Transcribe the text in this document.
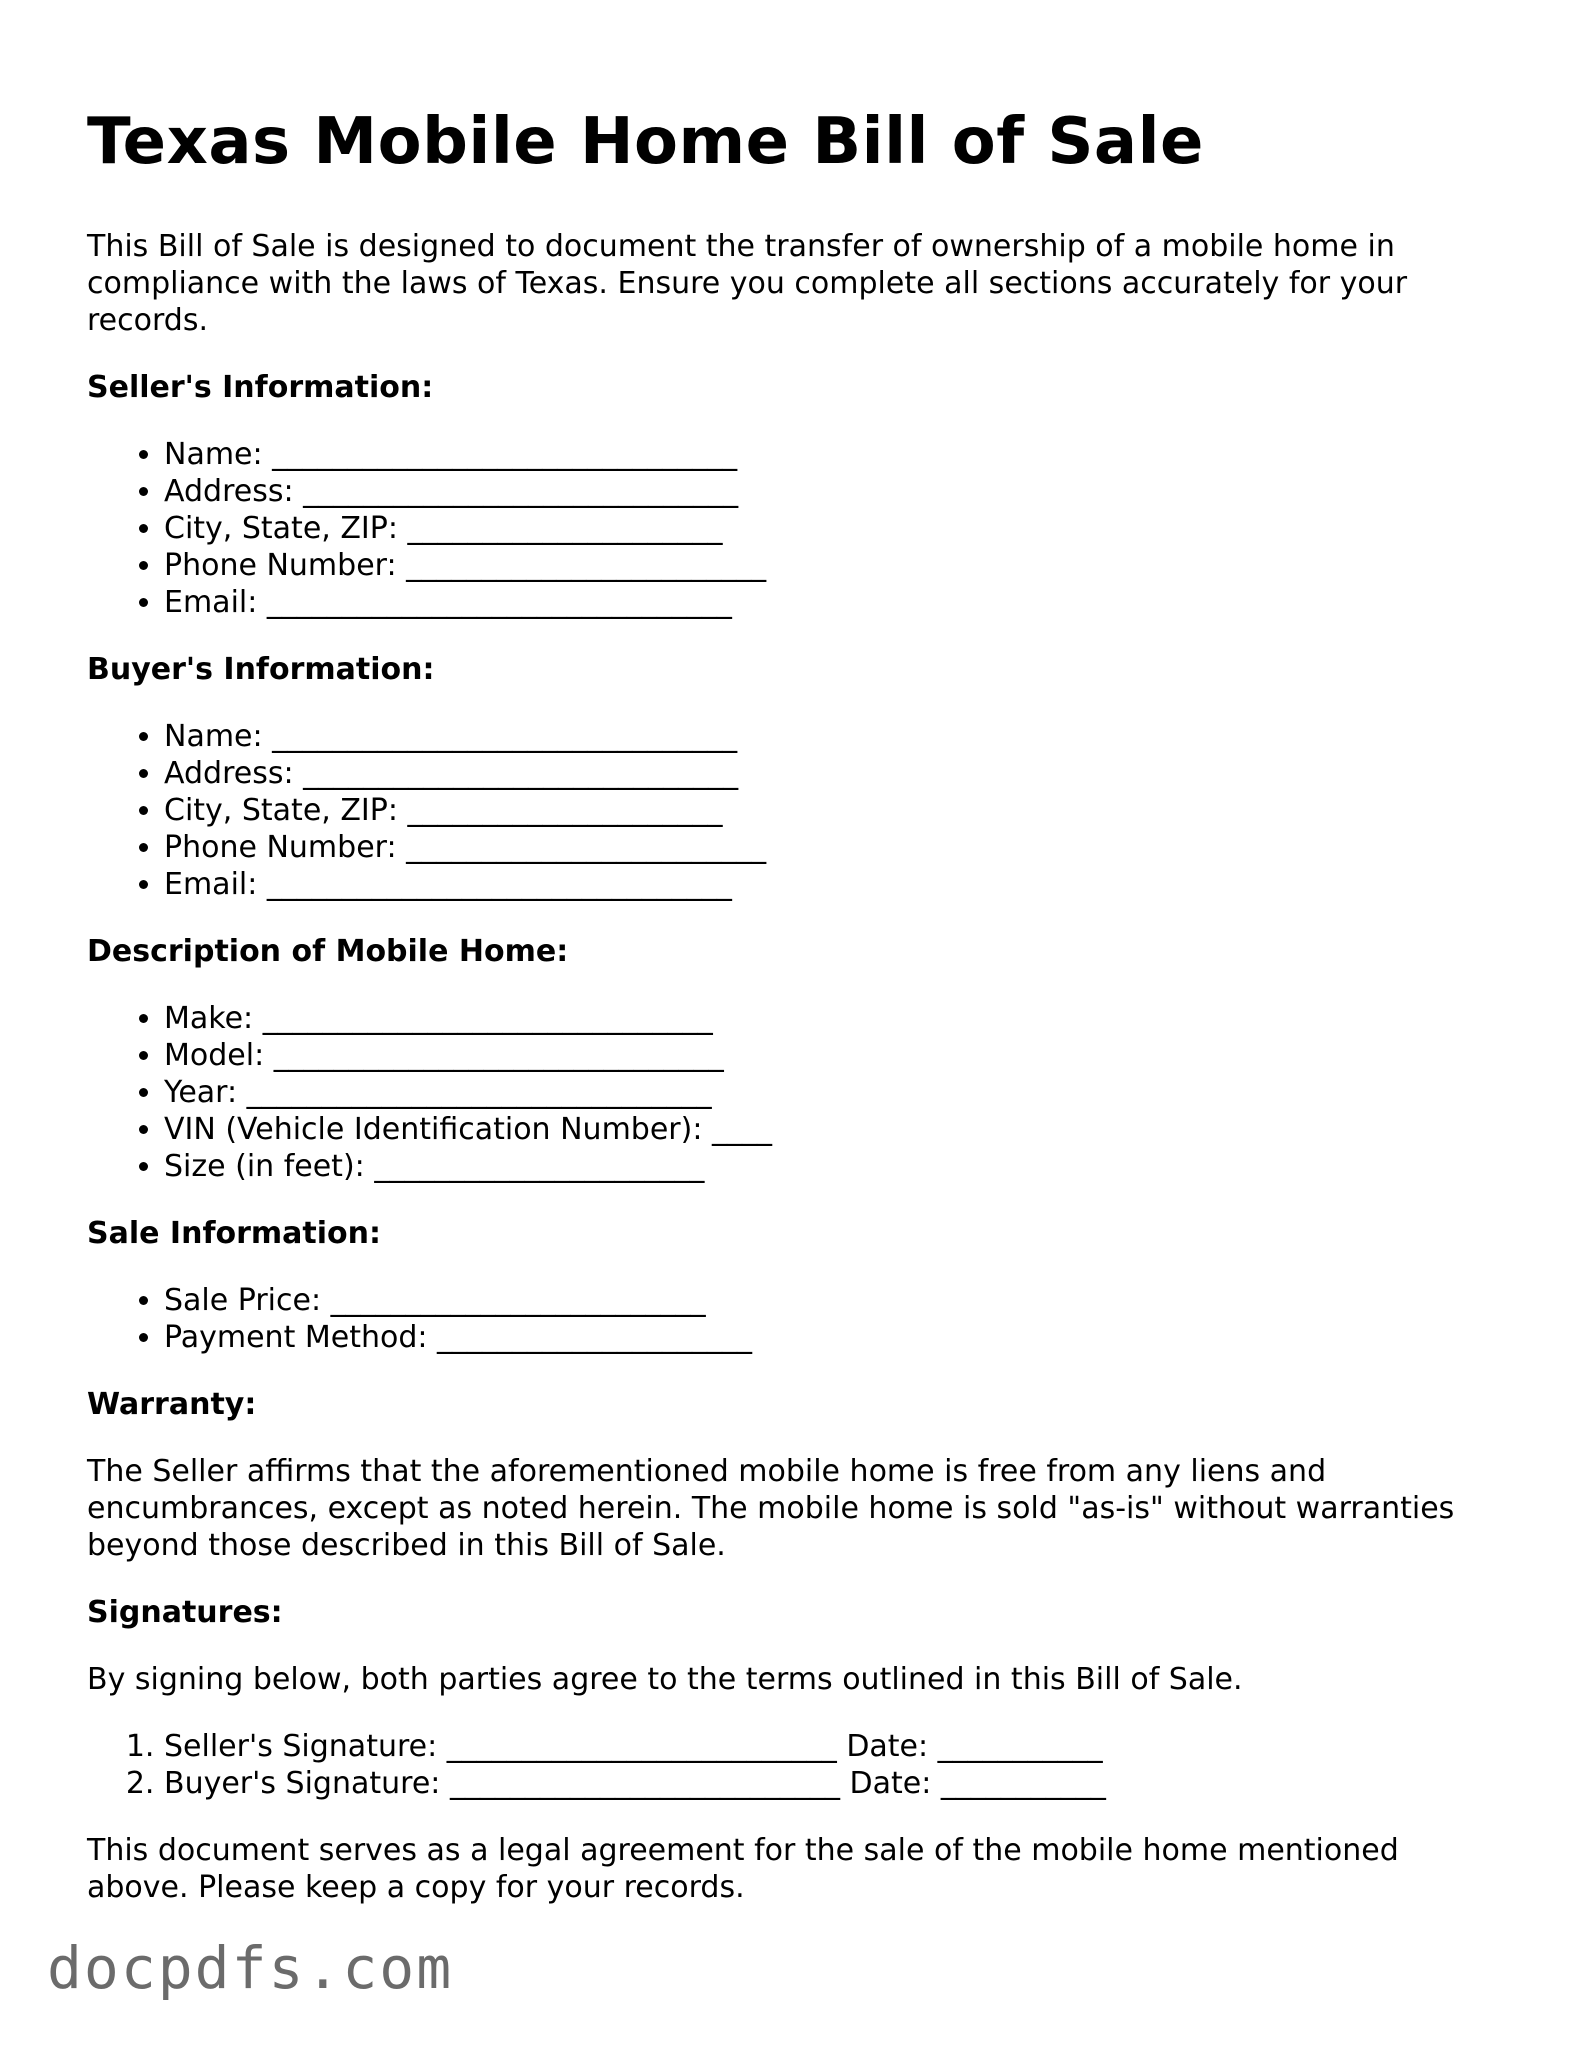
Texas Mobile Home Bill of Sale

This Bill of Sale is designed to document the transfer of ownership of a mobile home in compliance with the laws of Texas. Ensure you complete all sections accurately for your records.

Seller's Information:
• Name: _______________________________
• Address: _____________________________
• City, State, ZIP: _____________________
• Phone Number: ________________________
• Email: _______________________________
Buyer's Information:
• Name: _______________________________
• Address: _____________________________
• City, State, ZIP: _____________________
• Phone Number: ________________________
• Email: _______________________________
Description of Mobile Home:
• Make: ______________________________
• Model: ______________________________
• Year: _______________________________
• VIN (Vehicle Identification Number): ____
• Size (in feet): ______________________
Sale Information:
• Sale Price: _________________________
• Payment Method: _____________________
Warranty:

The Seller affirms that the aforementioned mobile home is free from any liens and encumbrances, except as noted herein. The mobile home is sold "as-is" without warranties beyond those described in this Bill of Sale.

Signatures:

By signing below, both parties agree to the terms outlined in this Bill of Sale.

1. Seller's Signature: __________________________ Date: ___________
2. Buyer's Signature: __________________________ Date: ___________

This document serves as a legal agreement for the sale of the mobile home mentioned above. Please keep a copy for your records.

docpdfs.com
